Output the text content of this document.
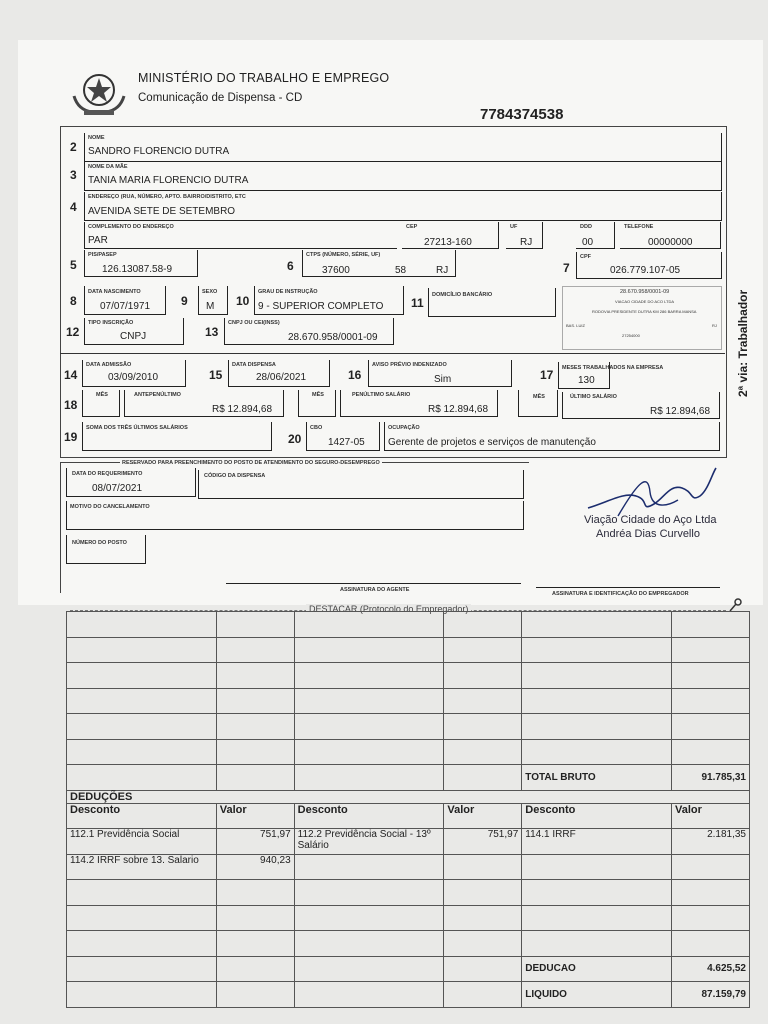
MINISTÉRIO DO TRABALHO E EMPREGO
Comunicação de Dispensa - CD
7784374538
2
NOME
SANDRO FLORENCIO DUTRA
3
NOME DA MÃE
TANIA MARIA FLORENCIO DUTRA
4
ENDEREÇO (RUA, NÚMERO, APTO. BAIRRO/DISTRITO, ETC
AVENIDA SETE DE SETEMBRO
COMPLEMENTO DO ENDEREÇO
PAR
CEP
27213-160
UF
RJ
DDD
00
TELEFONE
00000000
5
PIS/PASEP
126.13087.58-9	6
CTPS (NÚMERO, SÉRIE, UF)
37600	58	RJ	7
CPF
026.779.107-05
8
DATA NASCIMENTO
07/07/1971	9
SEXO
M 10
GRAU DE INSTRUÇÃO
9 - SUPERIOR COMPLETO 11
DOMICÍLIO BANCÁRIO	28.670.958/0001-09
VIACAO CIDADE DO ACO LTDA
RODOVIA PRESIDENTE DUTRA KM 286 BARRA MANSA
BAS. LUIZ	RJ
27254000
12
TIPO INSCRIÇÃO
CNPJ	13
CNPJ OU CEI(INSS)
28.670.958/0001-09
14
DATA ADMISSÃO
03/09/2010	15
DATA DISPENSA
28/06/2021	16
AVISO PRÉVIO INDENIZADO
Sim	17 MESES TRABALHADOS NA EMPRESA
130
18
MÊS	ANTEPENÚLTIMO
R$ 12.894,68
MÊS	PENÚLTIMO SALÁRIO
R$ 12.894,68
MÊS	ÚLTIMO SALÁRIO
R$ 12.894,68
19
SOMA DOS TRÊS ÚLTIMOS SALÁRIOS
20
CBO
1427-05
OCUPAÇÃO
Gerente de projetos e serviços de manutenção
RESERVADO PARA PREENCHIMENTO DO POSTO DE ATENDIMENTO DO SEGURO-DESEMPREGO
DATA DO REQUERIMENTO
08/07/2021
CÓDIGO DA DISPENSA
MOTIVO DO CANCELAMENTO
NÚMERO DO POSTO
ASSINATURA DO AGENTE
Viação Cidade do Aço Ltda
Andréa Dias Curvello
ASSINATURA E IDENTIFICAÇÃO DO EMPREGADOR
DESTACAR (Protocolo do Empregador)
2ª via: Trabalhador

				TOTAL BRUTO	91.785,31
DEDUÇÕES					
Desconto	Valor	Desconto	Valor	Desconto	Valor
112.1 Previdência Social	751,97	112.2 Previdência Social - 13º Salário	751,97	114.1 IRRF	2.181,35
114.2 IRRF sobre 13. Salario	940,23				

				DEDUCAO	4.625,52
				LIQUIDO	87.159,79
